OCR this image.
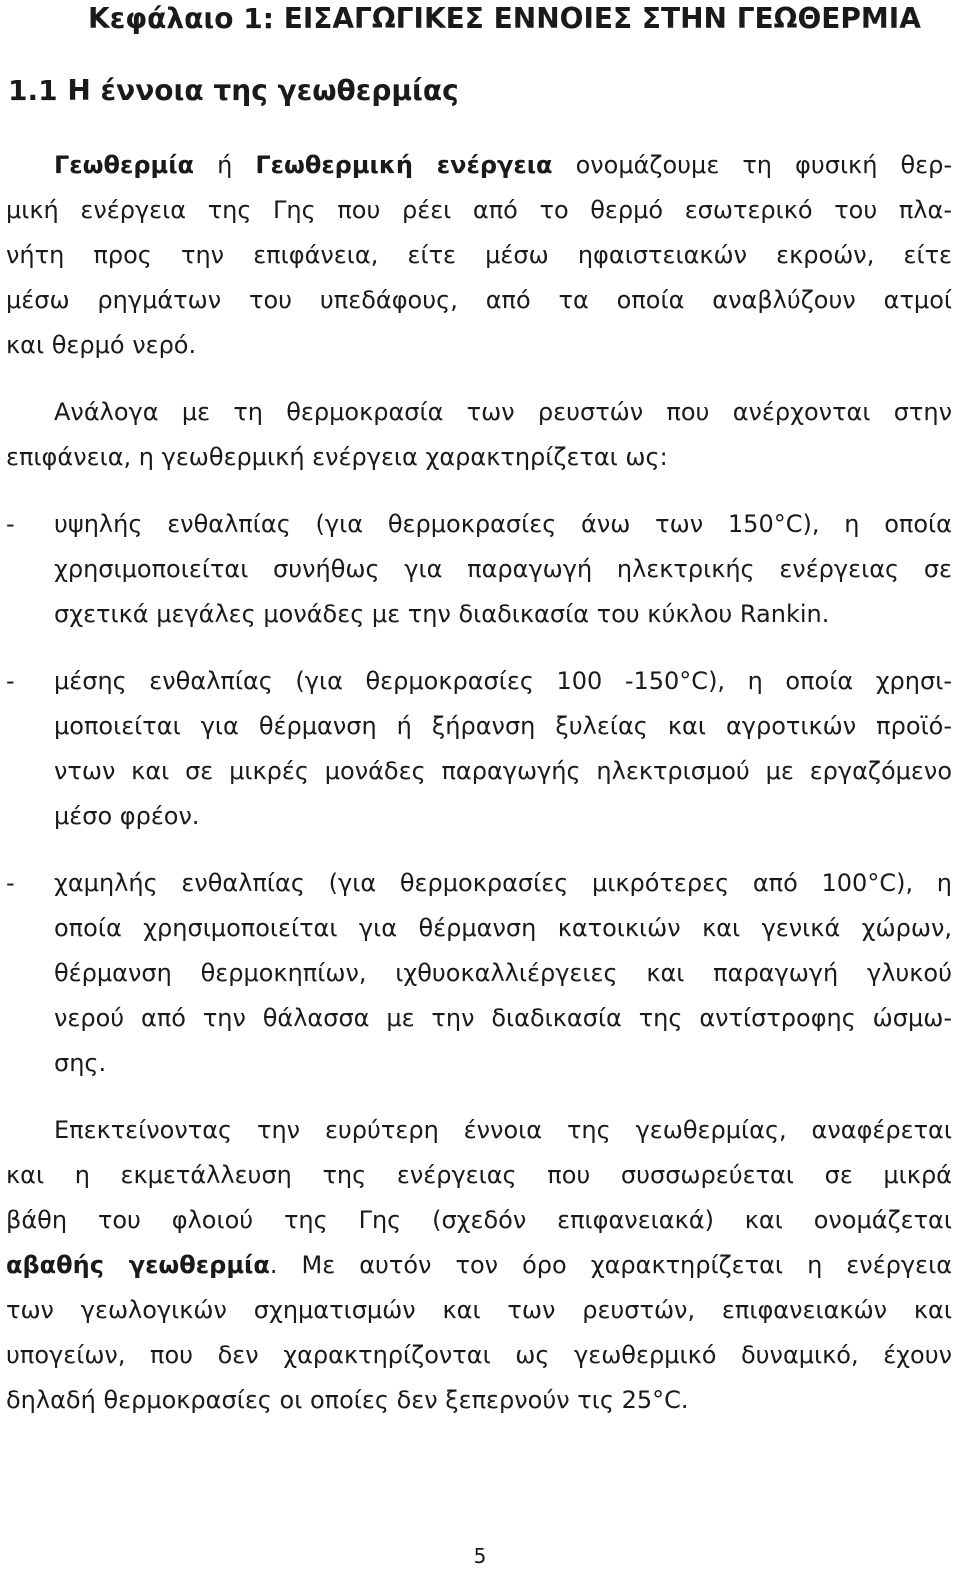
Κεφάλαιο 1: ΕΙΣΑΓΩΓΙΚΕΣ ΕΝΝΟΙΕΣ ΣΤΗΝ ΓΕΩΘΕΡΜΙΑ
1.1 Η έννοια της γεωθερμίας
Γεωθερμία ή Γεωθερμική ενέργεια ονομάζουμε τη φυσική θερ-
μική ενέργεια της Γης που ρέει από το θερμό εσωτερικό του πλα-
νήτη προς την επιφάνεια, είτε μέσω ηφαιστειακών εκροών, είτε
μέσω ρηγμάτων του υπεδάφους, από τα οποία αναβλύζουν ατμοί
και θερμό νερό.
Ανάλογα με τη θερμοκρασία των ρευστών που ανέρχονται στην
επιφάνεια, η γεωθερμική ενέργεια χαρακτηρίζεται ως:
- υψηλής ενθαλπίας (για θερμοκρασίες άνω των 150°C), η οποία
χρησιμοποιείται συνήθως για παραγωγή ηλεκτρικής ενέργειας σε
σχετικά μεγάλες μονάδες με την διαδικασία του κύκλου Rankin.
- μέσης ενθαλπίας (για θερμοκρασίες 100 -150°C), η οποία χρησι-
μοποιείται για θέρμανση ή ξήρανση ξυλείας και αγροτικών προϊό-
ντων και σε μικρές μονάδες παραγωγής ηλεκτρισμού με εργαζόμενο
μέσο φρέον.
- χαμηλής ενθαλπίας (για θερμοκρασίες μικρότερες από 100°C), η
οποία χρησιμοποιείται για θέρμανση κατοικιών και γενικά χώρων,
θέρμανση θερμοκηπίων, ιχθυοκαλλιέργειες και παραγωγή γλυκού
νερού από την θάλασσα με την διαδικασία της αντίστροφης ώσμω-
σης.
Επεκτείνοντας την ευρύτερη έννοια της γεωθερμίας, αναφέρεται
και η εκμετάλλευση της ενέργειας που συσσωρεύεται σε μικρά
βάθη του φλοιού της Γης (σχεδόν επιφανειακά) και ονομάζεται
αβαθής γεωθερμία. Με αυτόν τον όρο χαρακτηρίζεται η ενέργεια
των γεωλογικών σχηματισμών και των ρευστών, επιφανειακών και
υπογείων, που δεν χαρακτηρίζονται ως γεωθερμικό δυναμικό, έχουν
δηλαδή θερμοκρασίες οι οποίες δεν ξεπερνούν τις 25°C.
5
